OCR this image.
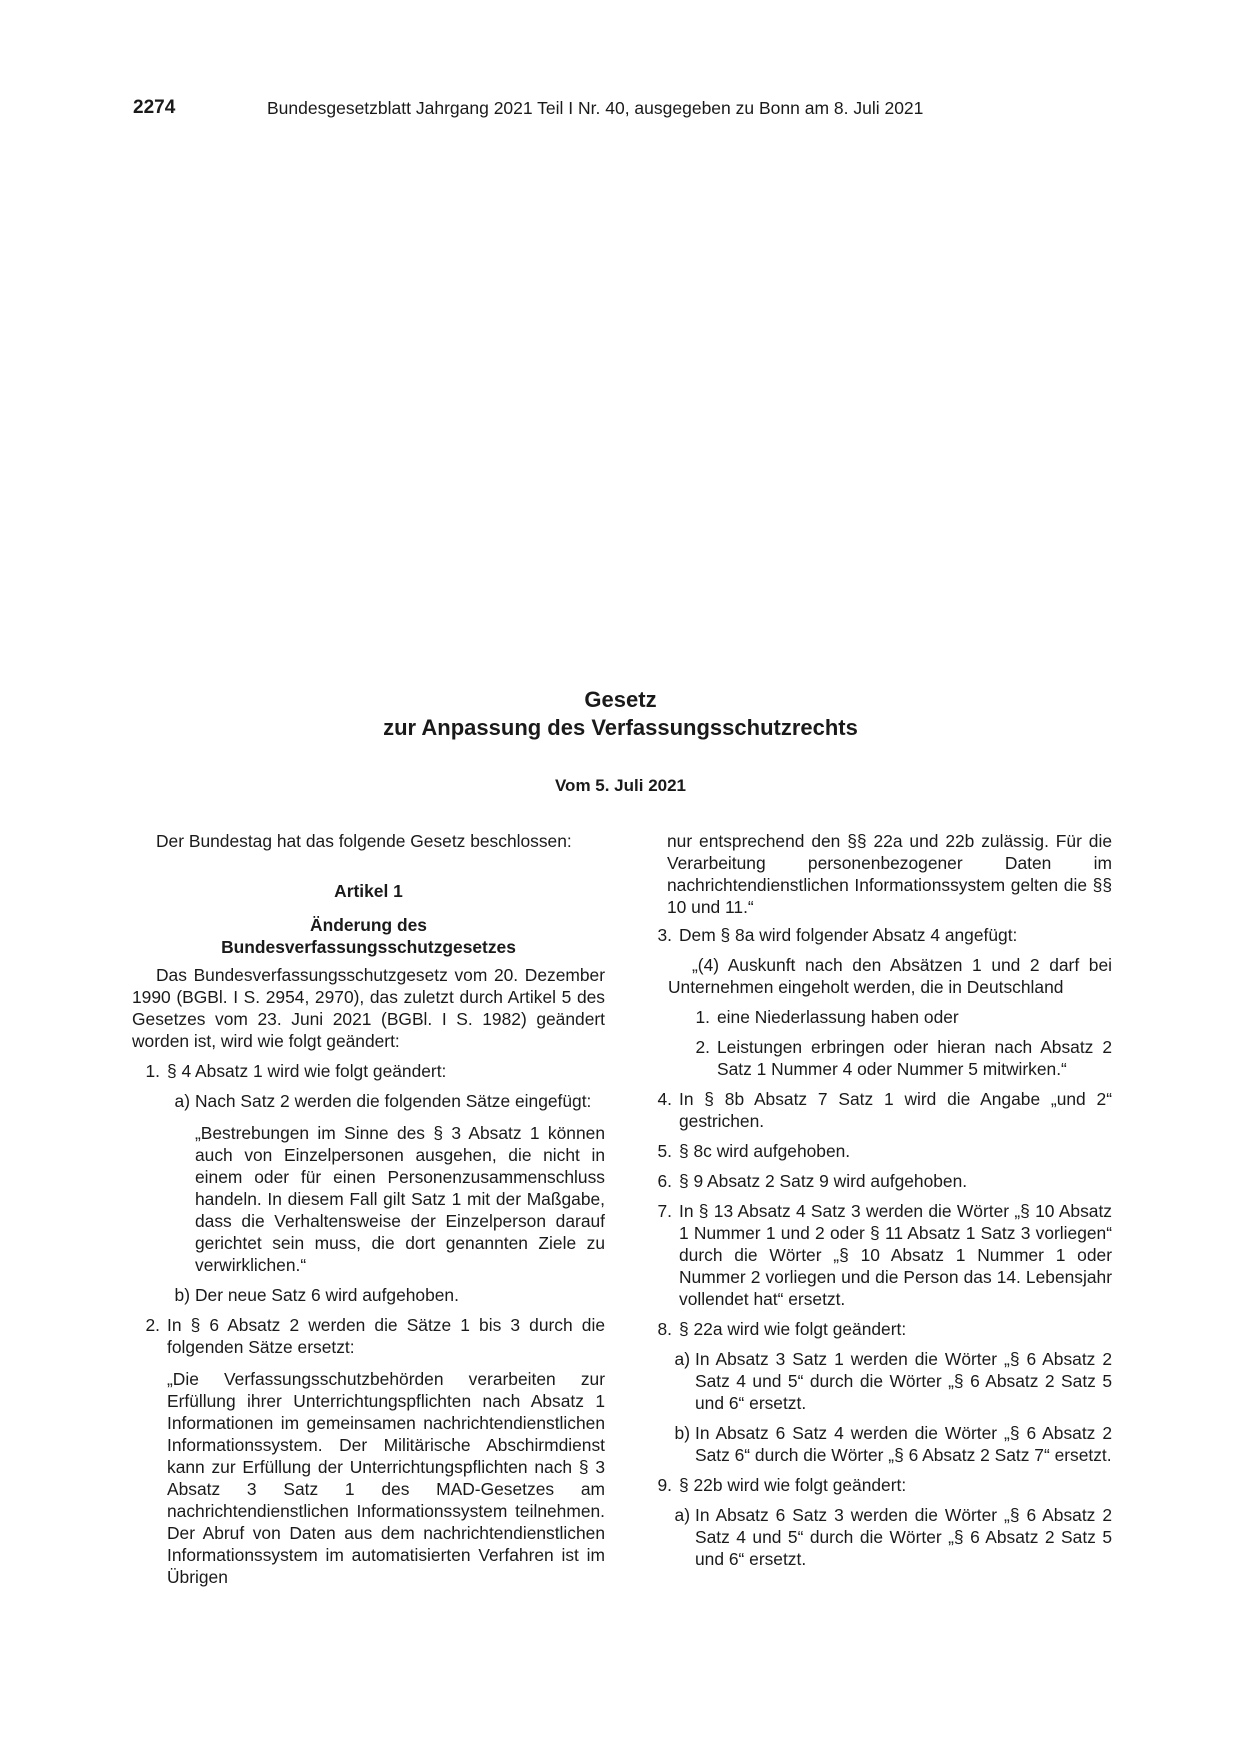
2274	Bundesgesetzblatt Jahrgang 2021 Teil I Nr. 40, ausgegeben zu Bonn am 8. Juli 2021

Gesetz

zur Anpassung des Verfassungsschutzrechts

Vom 5. Juli 2021

Der Bundestag hat das folgende Gesetz beschlossen:

Artikel 1

Änderung des

Bundesverfassungsschutzgesetzes

Das Bundesverfassungsschutzgesetz vom 20. Dezember 1990 (BGBl. I S. 2954, 2970), das zuletzt durch Artikel 5 des Gesetzes vom 23. Juni 2021 (BGBl. I S. 1982) geändert worden ist, wird wie folgt geändert:

1. § 4 Absatz 1 wird wie folgt geändert:
a) Nach Satz 2 werden die folgenden Sätze eingefügt:

„Bestrebungen im Sinne des § 3 Absatz 1 können auch von Einzelpersonen ausgehen, die nicht in einem oder für einen Personenzusammenschluss handeln. In diesem Fall gilt Satz 1 mit der Maßgabe, dass die Verhaltensweise der Einzelperson darauf gerichtet sein muss, die dort genannten Ziele zu verwirklichen.“

b) Der neue Satz 6 wird aufgehoben.
2. In § 6 Absatz 2 werden die Sätze 1 bis 3 durch die folgenden Sätze ersetzt:

„Die Verfassungsschutzbehörden verarbeiten zur Erfüllung ihrer Unterrichtungspflichten nach Absatz 1 Informationen im gemeinsamen nachrichtendienstlichen Informationssystem. Der Militärische Abschirmdienst kann zur Erfüllung der Unterrichtungspflichten nach § 3 Absatz 3 Satz 1 des MAD-Gesetzes am nachrichtendienstlichen Informationssystem teilnehmen. Der Abruf von Daten aus dem nachrichtendienstlichen Informationssystem im automatisierten Verfahren ist im Übrigen

nur entsprechend den §§ 22a und 22b zulässig. Für die Verarbeitung personenbezogener Daten im nachrichtendienstlichen Informationssystem gelten die §§ 10 und 11.“

3. Dem § 8a wird folgender Absatz 4 angefügt:

„(4) Auskunft nach den Absätzen 1 und 2 darf bei Unternehmen eingeholt werden, die in Deutschland

1. eine Niederlassung haben oder
2. Leistungen erbringen oder hieran nach Absatz 2 Satz 1 Nummer 4 oder Nummer 5 mitwirken.“
4. In § 8b Absatz 7 Satz 1 wird die Angabe „und 2“ gestrichen.
5. § 8c wird aufgehoben.
6. § 9 Absatz 2 Satz 9 wird aufgehoben.
7. In § 13 Absatz 4 Satz 3 werden die Wörter „§ 10 Absatz 1 Nummer 1 und 2 oder § 11 Absatz 1 Satz 3 vorliegen“ durch die Wörter „§ 10 Absatz 1 Nummer 1 oder Nummer 2 vorliegen und die Person das 14. Lebensjahr vollendet hat“ ersetzt.
8. § 22a wird wie folgt geändert:
a) In Absatz 3 Satz 1 werden die Wörter „§ 6 Absatz 2 Satz 4 und 5“ durch die Wörter „§ 6 Absatz 2 Satz 5 und 6“ ersetzt.
b) In Absatz 6 Satz 4 werden die Wörter „§ 6 Absatz 2 Satz 6“ durch die Wörter „§ 6 Absatz 2 Satz 7“ ersetzt.
9. § 22b wird wie folgt geändert:
a) In Absatz 6 Satz 3 werden die Wörter „§ 6 Absatz 2 Satz 4 und 5“ durch die Wörter „§ 6 Absatz 2 Satz 5 und 6“ ersetzt.
